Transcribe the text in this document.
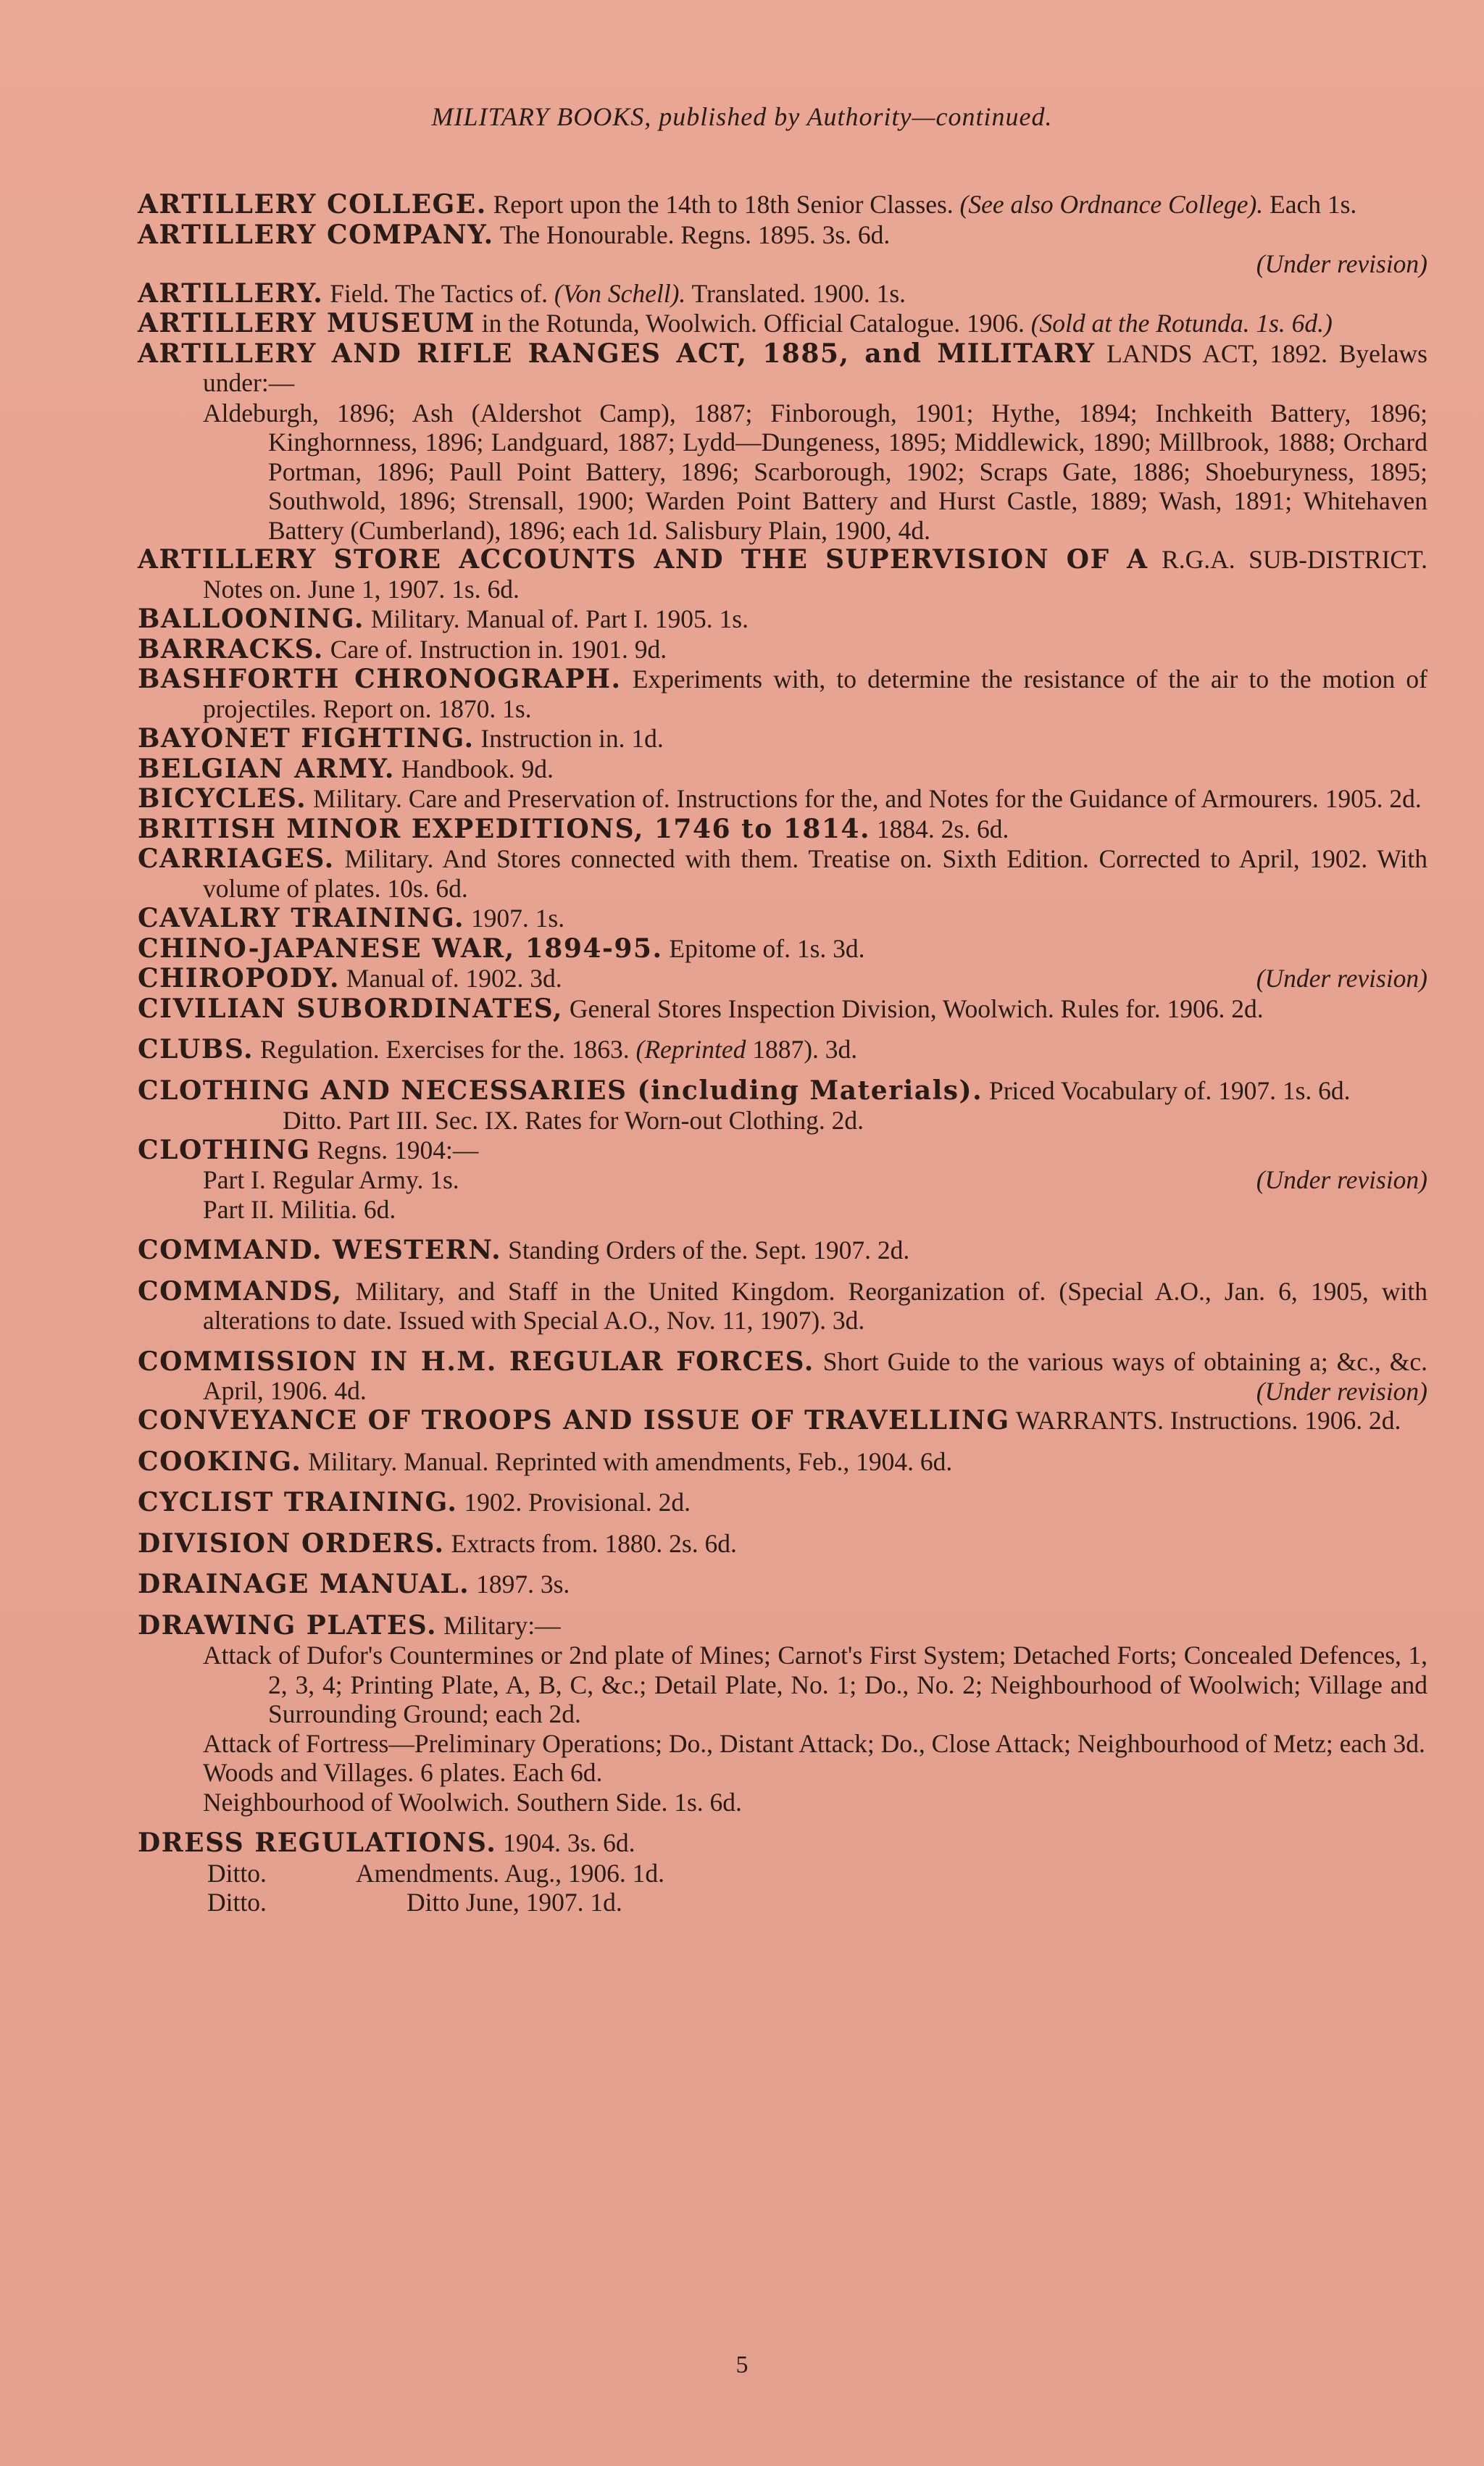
MILITARY BOOKS, published by Authority—continued.
ARTILLERY COLLEGE. Report upon the 14th to 18th Senior Classes. (See also Ordnance College). Each 1s.
ARTILLERY COMPANY. The Honourable. Regns. 1895. 3s. 6d.
(Under revision)
ARTILLERY. Field. The Tactics of. (Von Schell). Translated. 1900. 1s.
ARTILLERY MUSEUM in the Rotunda, Woolwich. Official Catalogue. 1906. (Sold at the Rotunda. 1s. 6d.)
ARTILLERY AND RIFLE RANGES ACT, 1885, and MILITARY LANDS ACT, 1892. Byelaws under:—
Aldeburgh, 1896; Ash (Aldershot Camp), 1887; Finborough, 1901; Hythe, 1894; Inchkeith Battery, 1896; Kinghornness, 1896; Landguard, 1887; Lydd—Dungeness, 1895; Middlewick, 1890; Millbrook, 1888; Orchard Portman, 1896; Paull Point Battery, 1896; Scarborough, 1902; Scraps Gate, 1886; Shoeburyness, 1895; Southwold, 1896; Strensall, 1900; Warden Point Battery and Hurst Castle, 1889; Wash, 1891; Whitehaven Battery (Cumberland), 1896; each 1d. Salisbury Plain, 1900, 4d.
ARTILLERY STORE ACCOUNTS AND THE SUPERVISION OF A R.G.A. SUB-DISTRICT. Notes on. June 1, 1907. 1s. 6d.
BALLOONING. Military. Manual of. Part I. 1905. 1s.
BARRACKS. Care of. Instruction in. 1901. 9d.
BASHFORTH CHRONOGRAPH. Experiments with, to determine the resistance of the air to the motion of projectiles. Report on. 1870. 1s.
BAYONET FIGHTING. Instruction in. 1d.
BELGIAN ARMY. Handbook. 9d.
BICYCLES. Military. Care and Preservation of. Instructions for the, and Notes for the Guidance of Armourers. 1905. 2d.
BRITISH MINOR EXPEDITIONS, 1746 to 1814. 1884. 2s. 6d.
CARRIAGES. Military. And Stores connected with them. Treatise on. Sixth Edition. Corrected to April, 1902. With volume of plates. 10s. 6d.
CAVALRY TRAINING. 1907. 1s.
CHINO-JAPANESE WAR, 1894-95. Epitome of. 1s. 3d.
CHIROPODY. Manual of. 1902. 3d.	(Under revision)
CIVILIAN SUBORDINATES, General Stores Inspection Division, Woolwich. Rules for. 1906. 2d.
CLUBS. Regulation. Exercises for the. 1863. (Reprinted 1887). 3d.
CLOTHING AND NECESSARIES (including Materials). Priced Vocabulary of. 1907. 1s. 6d.
Ditto. Part III. Sec. IX. Rates for Worn-out Clothing. 2d.
CLOTHING Regns. 1904:—
Part I. Regular Army. 1s.	(Under revision)
Part II. Militia. 6d.
COMMAND. WESTERN. Standing Orders of the. Sept. 1907. 2d.
COMMANDS, Military, and Staff in the United Kingdom. Reorganization of. (Special A.O., Jan. 6, 1905, with alterations to date. Issued with Special A.O., Nov. 11, 1907). 3d.
COMMISSION IN H.M. REGULAR FORCES. Short Guide to the various ways of obtaining a; &c., &c. April, 1906. 4d.	(Under revision)
CONVEYANCE OF TROOPS AND ISSUE OF TRAVELLING WARRANTS. Instructions. 1906. 2d.
COOKING. Military. Manual. Reprinted with amendments, Feb., 1904. 6d.
CYCLIST TRAINING. 1902. Provisional. 2d.
DIVISION ORDERS. Extracts from. 1880. 2s. 6d.
DRAINAGE MANUAL. 1897. 3s.
DRAWING PLATES. Military:—
Attack of Dufor's Countermines or 2nd plate of Mines; Carnot's First System; Detached Forts; Concealed Defences, 1, 2, 3, 4; Printing Plate, A, B, C, &c.; Detail Plate, No. 1; Do., No. 2; Neighbourhood of Woolwich; Village and Surrounding Ground; each 2d.
Attack of Fortress—Preliminary Operations; Do., Distant Attack; Do., Close Attack; Neighbourhood of Metz; each 3d.
Woods and Villages. 6 plates. Each 6d.
Neighbourhood of Woolwich. Southern Side. 1s. 6d.
DRESS REGULATIONS. 1904. 3s. 6d.
Ditto.	Amendments. Aug., 1906. 1d.
Ditto.	Ditto June, 1907. 1d.
5
